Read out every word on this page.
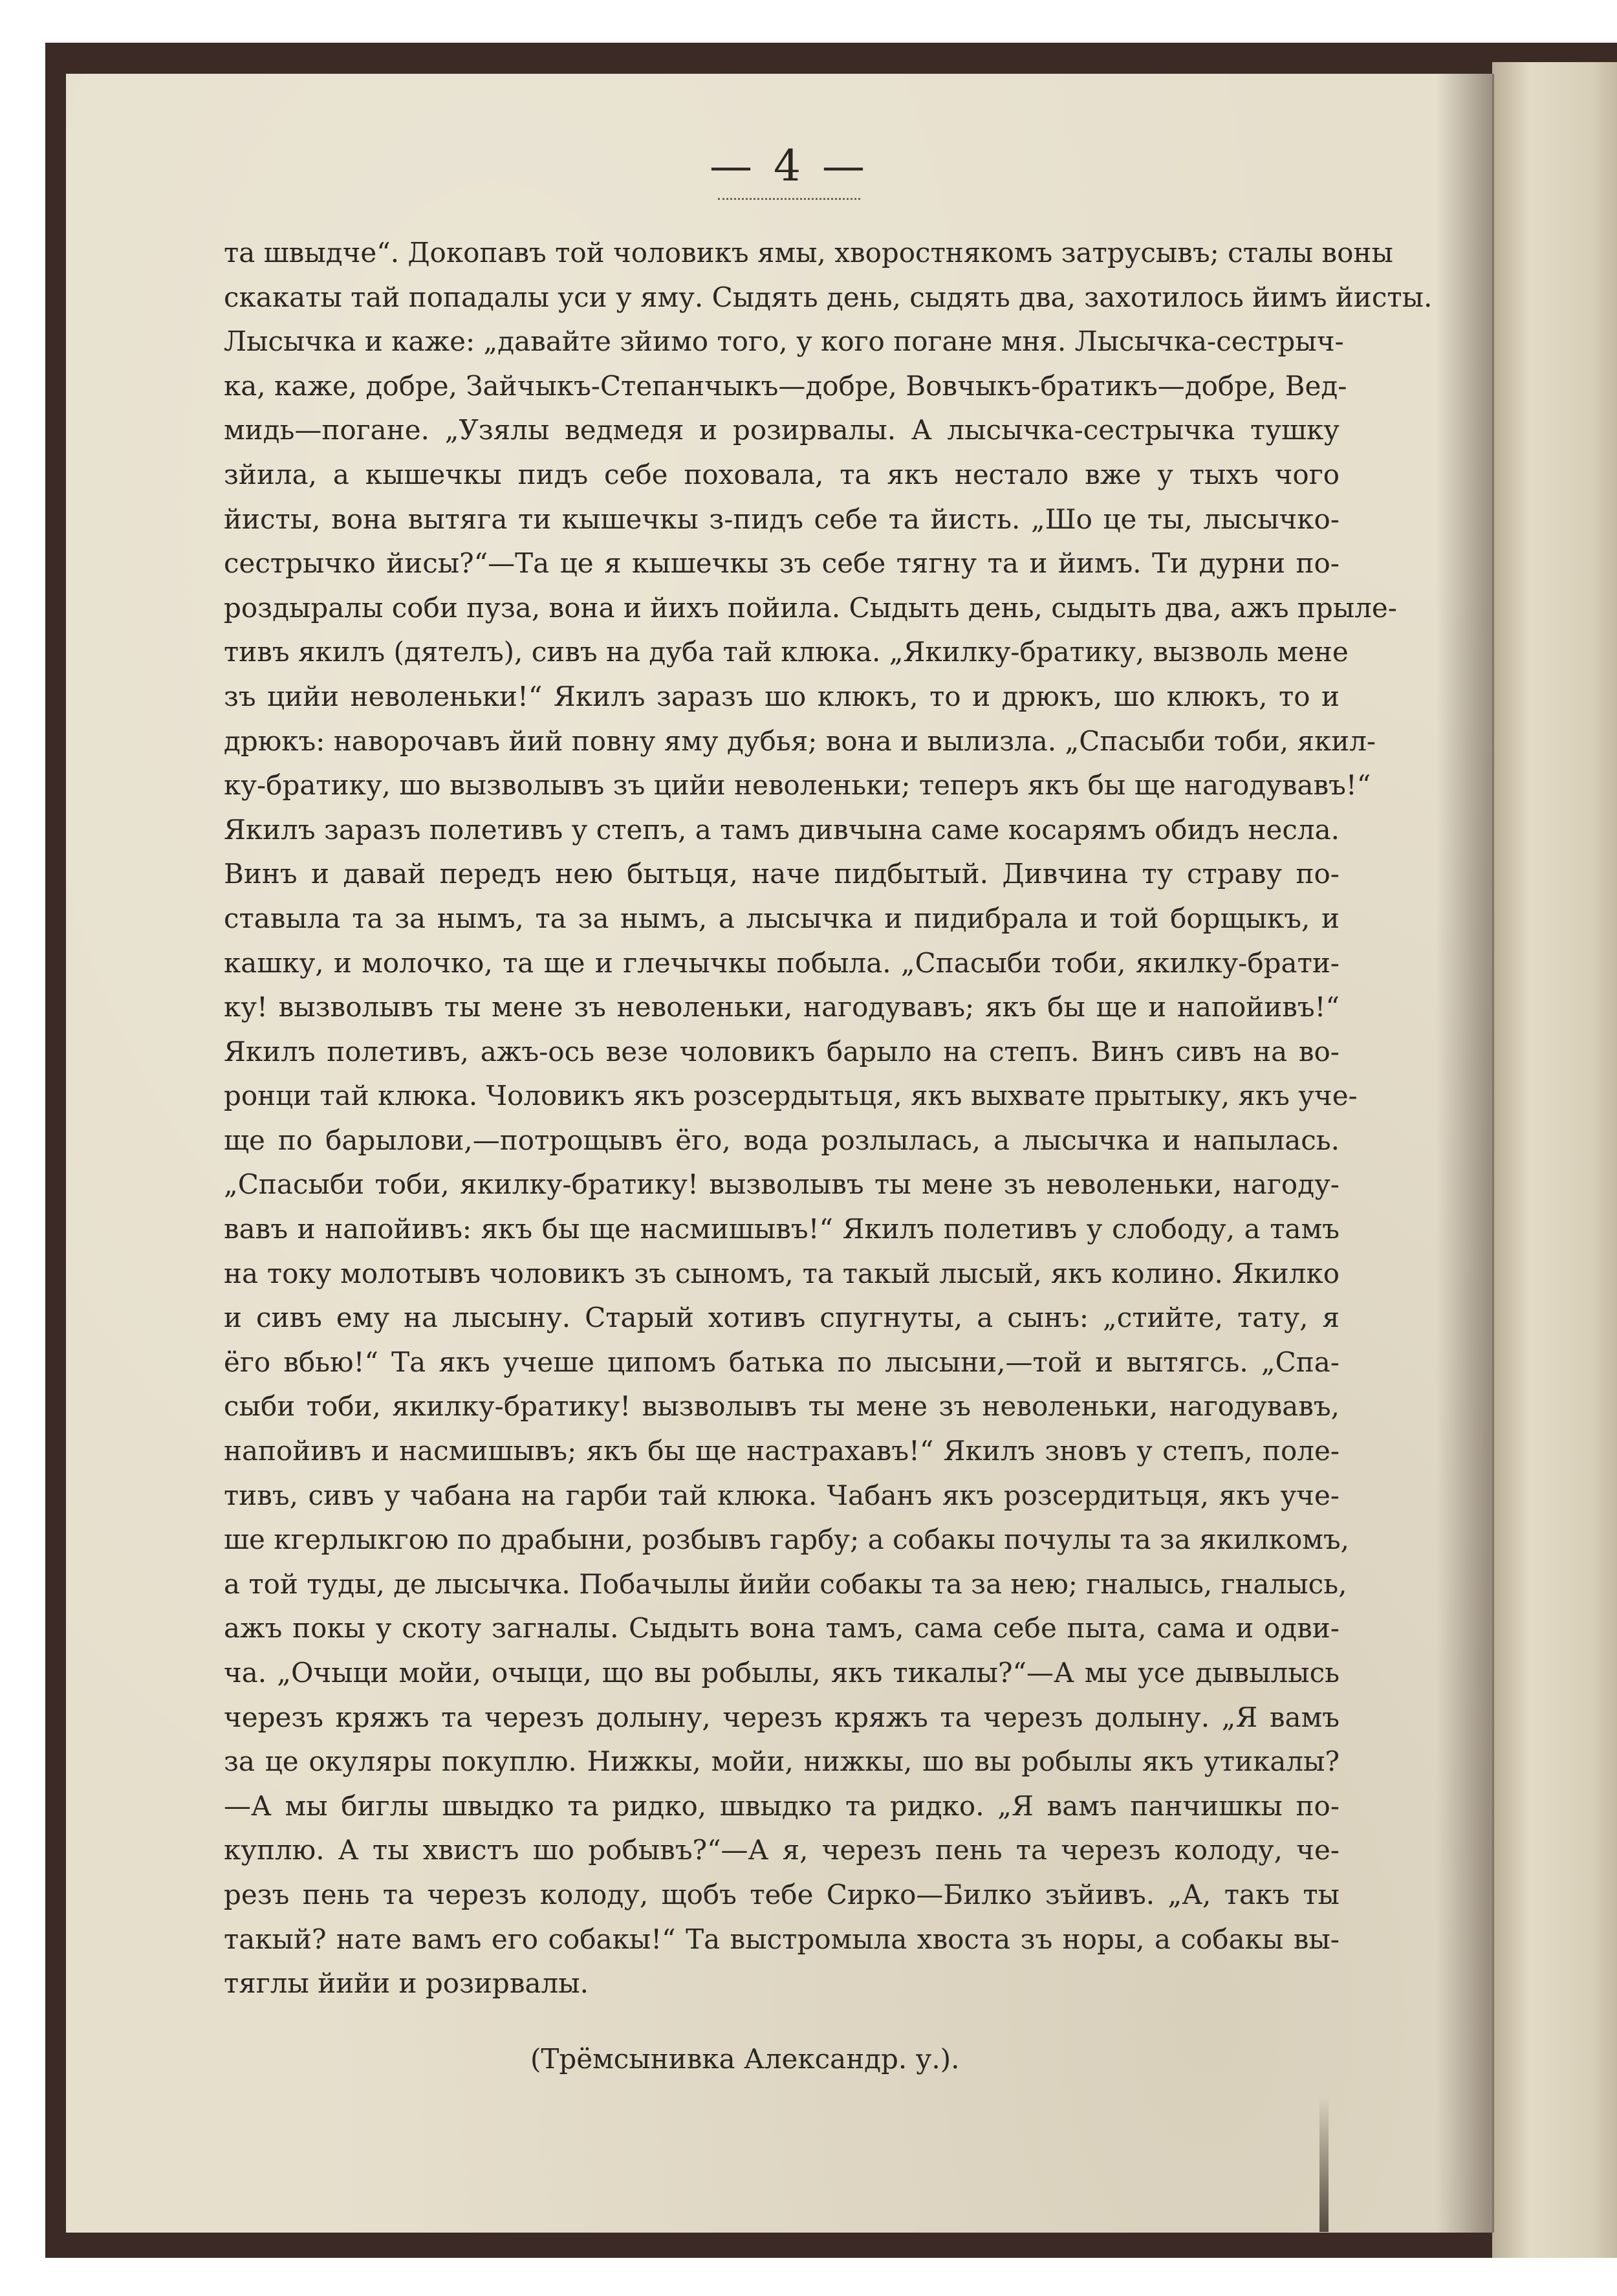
— 4 —
та швыдче“. Докопавъ той чоловикъ ямы, хворостнякомъ затрусывъ; сталы воны
скакаты тай попадалы уси у яму. Сыдять день, сыдять два, захотилось йимъ йисты.
Лысычка и каже: „давайте зйимо того, у кого погане мня. Лысычка-сестрыч-
ка, каже, добре, Зайчыкъ-Степанчыкъ—добре, Вовчыкъ-братикъ—добре, Вед-
мидь—погане. „Узялы ведмедя и розирвалы. А лысычка-сестрычка тушку
зйила, а кышечкы пидъ себе поховала, та якъ нестало вже у тыхъ чого
йисты, вона вытяга ти кышечкы з-пидъ себе та йисть. „Шо це ты, лысычко-
сестрычко йисы?“—Та це я кышечкы зъ себе тягну та и йимъ. Ти дурни по-
роздыралы соби пуза, вона и йихъ пойила. Сыдыть день, сыдыть два, ажъ прыле-
тивъ якилъ (дятелъ), сивъ на дуба тай клюка. „Якилку-братику, вызволь мене
зъ цийи неволеньки!“ Якилъ заразъ шо клюкъ, то и дрюкъ, шо клюкъ, то и
дрюкъ: наворочавъ йий повну яму дубья; вона и вылизла. „Спасыби тоби, якил-
ку-братику, шо вызволывъ зъ цийи неволеньки; теперъ якъ бы ще нагодувавъ!“
Якилъ заразъ полетивъ у степъ, а тамъ дивчына саме косарямъ обидъ несла.
Винъ и давай передъ нею бытьця, наче пидбытый. Дивчина ту страву по-
ставыла та за нымъ, та за нымъ, а лысычка и пидибрала и той борщыкъ, и
кашку, и молочко, та ще и глечычкы побыла. „Спасыби тоби, якилку-брати-
ку! вызволывъ ты мене зъ неволеньки, нагодувавъ; якъ бы ще и напойивъ!“
Якилъ полетивъ, ажъ-ось везе чоловикъ барыло на степъ. Винъ сивъ на во-
ронци тай клюка. Чоловикъ якъ розсердытьця, якъ выхвате прытыку, якъ уче-
ще по барылови,—потрощывъ ёго, вода розлылась, а лысычка и напылась.
„Спасыби тоби, якилку-братику! вызволывъ ты мене зъ неволеньки, нагоду-
вавъ и напойивъ: якъ бы ще насмишывъ!“ Якилъ полетивъ у слободу, а тамъ
на току молотывъ чоловикъ зъ сыномъ, та такый лысый, якъ колино. Якилко
и сивъ ему на лысыну. Старый хотивъ спугнуты, а сынъ: „стийте, тату, я
ёго вбью!“ Та якъ учеше ципомъ батька по лысыни,—той и вытягсь. „Спа-
сыби тоби, якилку-братику! вызволывъ ты мене зъ неволеньки, нагодувавъ,
напойивъ и насмишывъ; якъ бы ще настрахавъ!“ Якилъ зновъ у степъ, поле-
тивъ, сивъ у чабана на гарби тай клюка. Чабанъ якъ розсердитьця, якъ уче-
ше кгерлыкгою по драбыни, розбывъ гарбу; а собакы почулы та за якилкомъ,
а той туды, де лысычка. Побачылы йийи собакы та за нею; гналысь, гналысь,
ажъ покы у скоту загналы. Сыдыть вона тамъ, сама себе пыта, сама и одви-
ча. „Очыци мойи, очыци, що вы робылы, якъ тикалы?“—А мы усе дывылысь
черезъ кряжъ та черезъ долыну, черезъ кряжъ та черезъ долыну. „Я вамъ
за це окуляры покуплю. Нижкы, мойи, нижкы, шо вы робылы якъ утикалы?
—А мы биглы швыдко та ридко, швыдко та ридко. „Я вамъ панчишкы по-
куплю. А ты хвистъ шо робывъ?“—А я, черезъ пень та черезъ колоду, че-
резъ пень та черезъ колоду, щобъ тебе Сирко—Билко зъйивъ. „А, такъ ты
такый? нате вамъ его собакы!“ Та выстромыла хвоста зъ норы, а собакы вы-
тяглы йийи и розирвалы.
(Трёмсынивка Александр. у.).
